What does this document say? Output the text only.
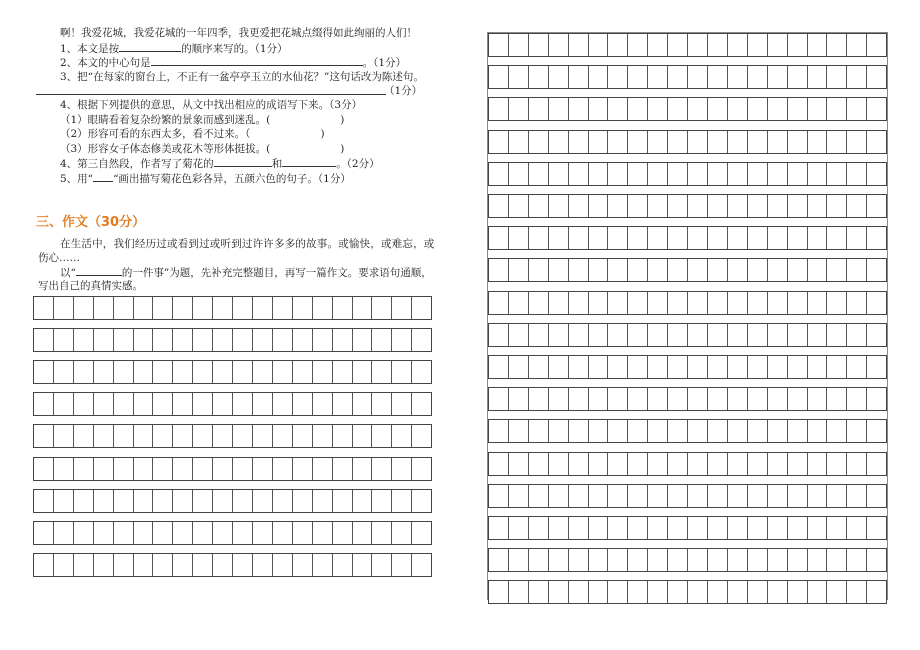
啊！我爱花城，我爱花城的一年四季，我更爱把花城点缀得如此绚丽的人们！
1、本文是按	的顺序来写的。（1分）
2、本文的中心句是	。（1分）
3、把“在每家的窗台上，不正有一盆亭亭玉立的水仙花？”这句话改为陈述句。
（1分）
4、根据下列提供的意思，从文中找出相应的成语写下来。（3分）
（1）眼睛看着复杂纷繁的景象而感到迷乱。(	)
（2）形容可看的东西太多，看不过来。（	)
（3）形容女子体态修美或花木等形体挺拔。(	)
4、第三自然段，作者写了菊花的	和	。（2分）
5、用“ “画出描写菊花色彩各异，五颜六色的句子。（1分）
三、作文（30分）
在生活中，我们经历过或看到过或听到过许许多多的故事。或愉快，或难忘，或
伤心……
以“	的一件事”为题，先补充完整题目，再写一篇作文。要求语句通顺，
写出自己的真情实感。
